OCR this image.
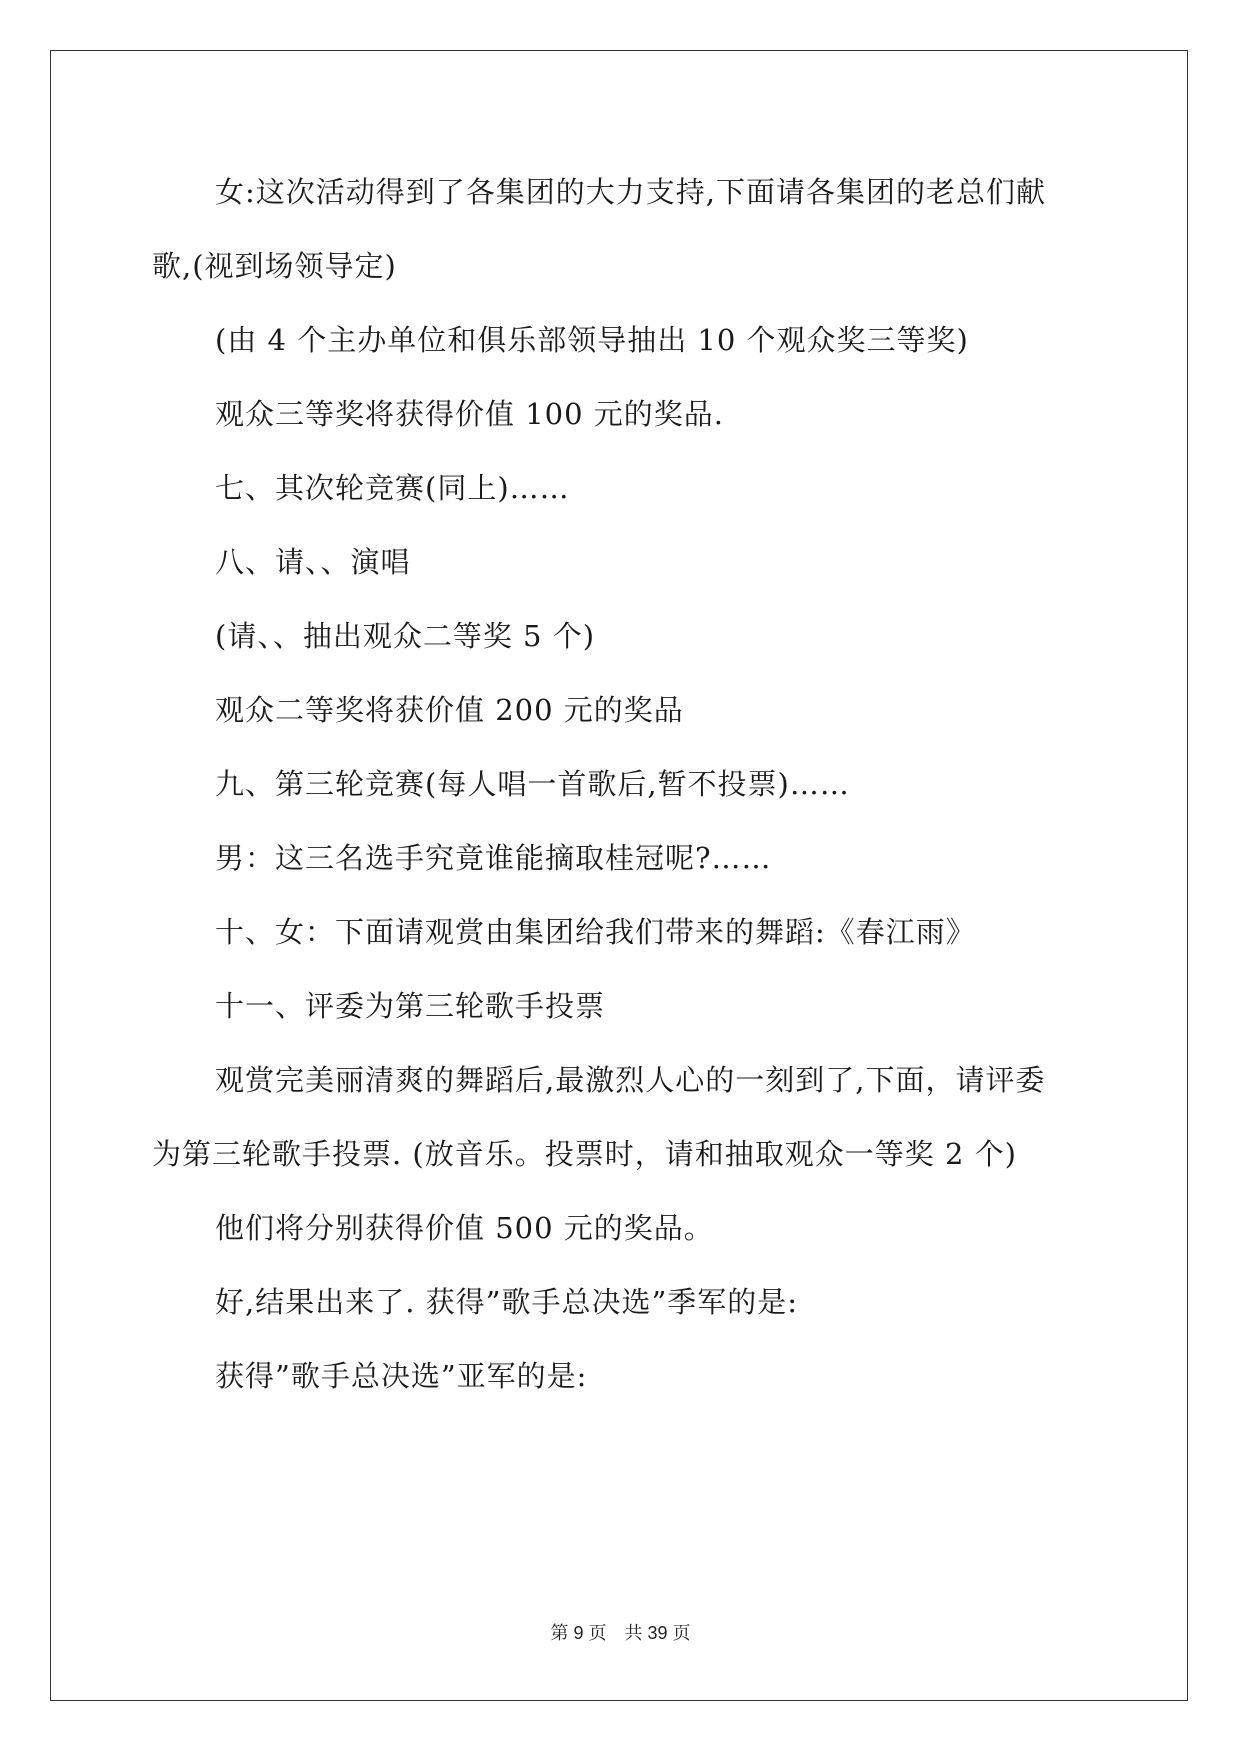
女:这次活动得到了各集团的大力支持,下面请各集团的老总们献
歌,(视到场领导定)
(由 4 个主办单位和俱乐部领导抽出 10 个观众奖三等奖)
观众三等奖将获得价值 100 元的奖品.
七、其次轮竞赛(同上)……
八、请、、演唱
(请、、抽出观众二等奖 5 个)
观众二等奖将获价值 200 元的奖品
九、第三轮竞赛(每人唱一首歌后,暂不投票)……
男：这三名选手究竟谁能摘取桂冠呢?……
十、女：下面请观赏由集团给我们带来的舞蹈:《春江雨》
十一、评委为第三轮歌手投票
观赏完美丽清爽的舞蹈后,最激烈人心的一刻到了,下面，请评委
为第三轮歌手投票. (放音乐。投票时，请和抽取观众一等奖 2 个)
他们将分别获得价值 500 元的奖品。
好,结果出来了. 获得”歌手总决选”季军的是:
获得”歌手总决选”亚军的是:
第 9 页　共 39 页
